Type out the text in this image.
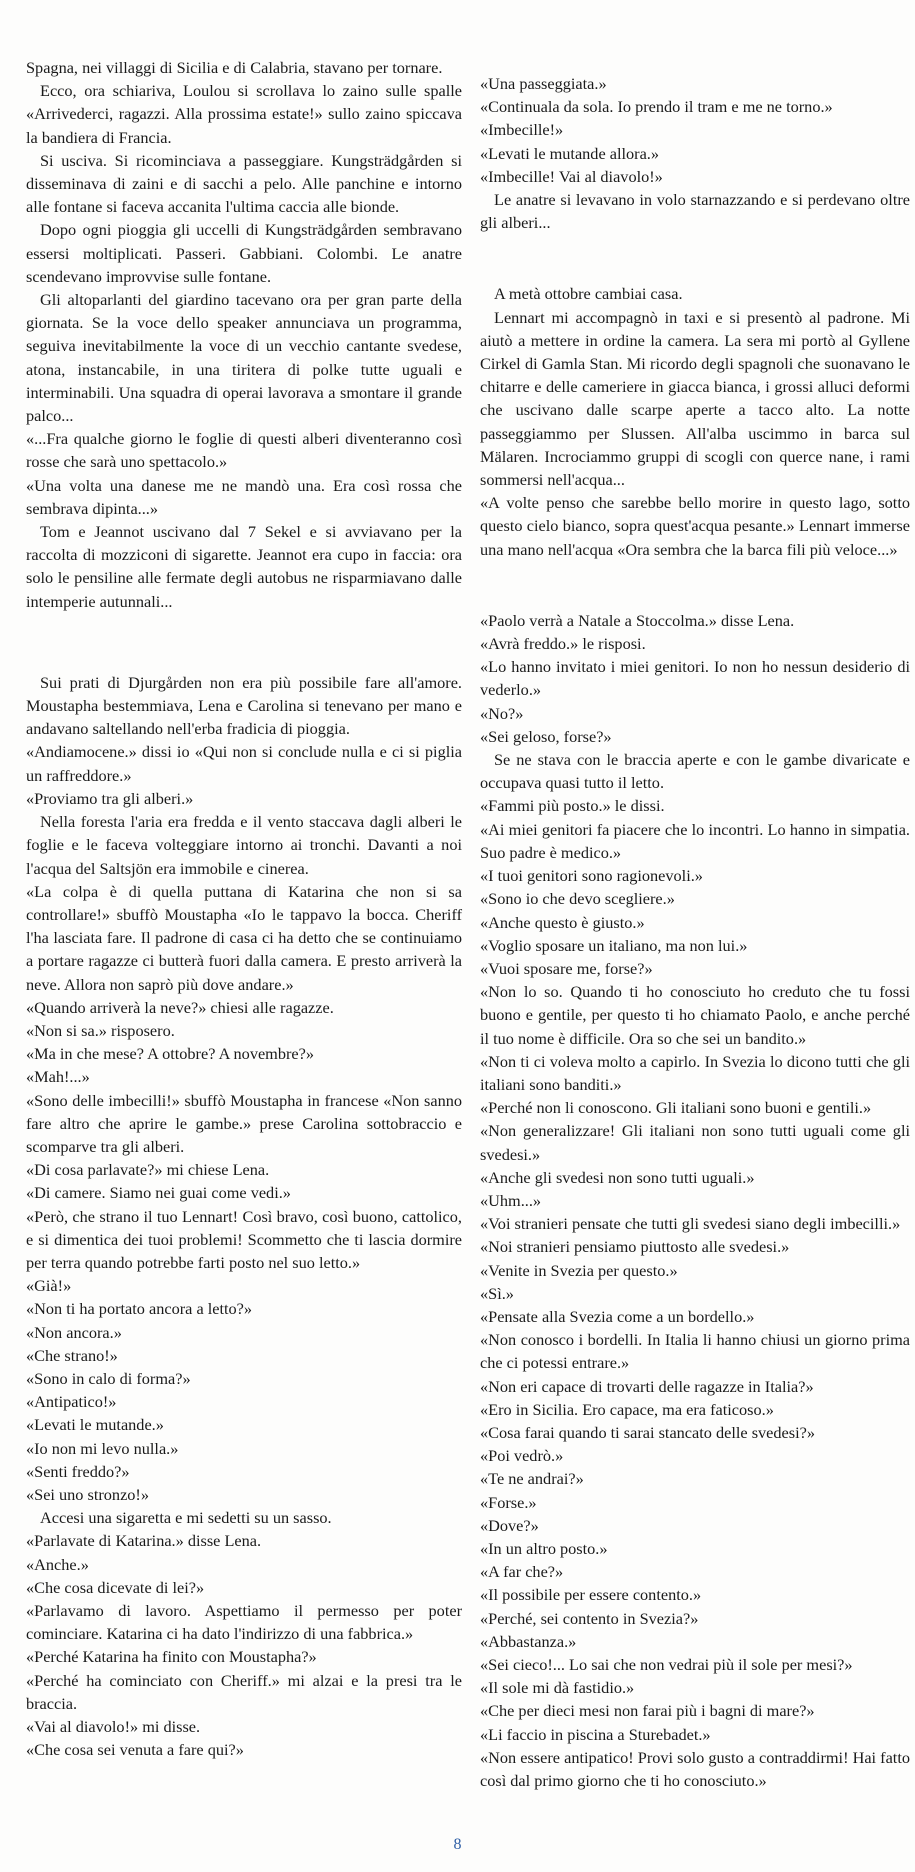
Spagna, nei villaggi di Sicilia e di Calabria, stavano per tornare.

Ecco, ora schiariva, Loulou si scrollava lo zaino sulle spalle «Arrivederci, ragazzi. Alla prossima estate!» sullo zaino spiccava la bandiera di Francia.

Si usciva. Si ricominciava a passeggiare. Kungsträdgården si disseminava di zaini e di sacchi a pelo. Alle panchine e intorno alle fontane si faceva accanita l'ultima caccia alle bionde.

Dopo ogni pioggia gli uccelli di Kungsträdgården sembravano essersi moltiplicati. Passeri. Gabbiani. Colombi. Le anatre scendevano improvvise sulle fontane.

Gli altoparlanti del giardino tacevano ora per gran parte della giornata. Se la voce dello speaker annunciava un programma, seguiva inevitabilmente la voce di un vecchio cantante svedese, atona, instancabile, in una tiritera di polke tutte uguali e interminabili. Una squadra di operai lavorava a smontare il grande palco...

«...Fra qualche giorno le foglie di questi alberi diventeranno così rosse che sarà uno spettacolo.»

«Una volta una danese me ne mandò una. Era così rossa che sembrava dipinta...»

Tom e Jeannot uscivano dal 7 Sekel e si avviavano per la raccolta di mozziconi di sigarette. Jeannot era cupo in faccia: ora solo le pensiline alle fermate degli autobus ne risparmiavano dalle intemperie autunnali...

Sui prati di Djurgården non era più possibile fare all'amore. Moustapha bestemmiava, Lena e Carolina si tenevano per mano e andavano saltellando nell'erba fradicia di pioggia.

«Andiamocene.» dissi io «Qui non si conclude nulla e ci si piglia un raffreddore.»

«Proviamo tra gli alberi.»

Nella foresta l'aria era fredda e il vento staccava dagli alberi le foglie e le faceva volteggiare intorno ai tronchi. Davanti a noi l'acqua del Saltsjön era immobile e cinerea.

«La colpa è di quella puttana di Katarina che non si sa controllare!» sbuffò Moustapha «Io le tappavo la bocca. Cheriff l'ha lasciata fare. Il padrone di casa ci ha detto che se continuiamo a portare ragazze ci butterà fuori dalla camera. E presto arriverà la neve. Allora non saprò più dove andare.»

«Quando arriverà la neve?» chiesi alle ragazze.

«Non si sa.» risposero.

«Ma in che mese? A ottobre? A novembre?»

«Mah!...»

«Sono delle imbecilli!» sbuffò Moustapha in francese «Non sanno fare altro che aprire le gambe.» prese Carolina sottobraccio e scomparve tra gli alberi.

«Di cosa parlavate?» mi chiese Lena.

«Di camere. Siamo nei guai come vedi.»

«Però, che strano il tuo Lennart! Così bravo, così buono, cattolico, e si dimentica dei tuoi problemi! Scommetto che ti lascia dormire per terra quando potrebbe farti posto nel suo letto.»

«Già!»

«Non ti ha portato ancora a letto?»

«Non ancora.»

«Che strano!»

«Sono in calo di forma?»

«Antipatico!»

«Levati le mutande.»

«Io non mi levo nulla.»

«Senti freddo?»

«Sei uno stronzo!»

Accesi una sigaretta e mi sedetti su un sasso.

«Parlavate di Katarina.» disse Lena.

«Anche.»

«Che cosa dicevate di lei?»

«Parlavamo di lavoro. Aspettiamo il permesso per poter cominciare. Katarina ci ha dato l'indirizzo di una fabbrica.»

«Perché Katarina ha finito con Moustapha?»

«Perché ha cominciato con Cheriff.» mi alzai e la presi tra le braccia.

«Vai al diavolo!» mi disse.

«Che cosa sei venuta a fare qui?»

«Una passeggiata.»

«Continuala da sola. Io prendo il tram e me ne torno.»

«Imbecille!»

«Levati le mutande allora.»

«Imbecille! Vai al diavolo!»

Le anatre si levavano in volo starnazzando e si perdevano oltre gli alberi...

A metà ottobre cambiai casa.

Lennart mi accompagnò in taxi e si presentò al padrone. Mi aiutò a mettere in ordine la camera. La sera mi portò al Gyllene Cirkel di Gamla Stan. Mi ricordo degli spagnoli che suonavano le chitarre e delle cameriere in giacca bianca, i grossi alluci deformi che uscivano dalle scarpe aperte a tacco alto. La notte passeggiammo per Slussen. All'alba uscimmo in barca sul Mälaren. Incrociammo gruppi di scogli con querce nane, i rami sommersi nell'acqua...

«A volte penso che sarebbe bello morire in questo lago, sotto questo cielo bianco, sopra quest'acqua pesante.» Lennart immerse una mano nell'acqua «Ora sembra che la barca fili più veloce...»

«Paolo verrà a Natale a Stoccolma.» disse Lena.

«Avrà freddo.» le risposi.

«Lo hanno invitato i miei genitori. Io non ho nessun desiderio di vederlo.»

«No?»

«Sei geloso, forse?»

Se ne stava con le braccia aperte e con le gambe divaricate e occupava quasi tutto il letto.

«Fammi più posto.» le dissi.

«Ai miei genitori fa piacere che lo incontri. Lo hanno in simpatia. Suo padre è medico.»

«I tuoi genitori sono ragionevoli.»

«Sono io che devo scegliere.»

«Anche questo è giusto.»

«Voglio sposare un italiano, ma non lui.»

«Vuoi sposare me, forse?»

«Non lo so. Quando ti ho conosciuto ho creduto che tu fossi buono e gentile, per questo ti ho chiamato Paolo, e anche perché il tuo nome è difficile. Ora so che sei un bandito.»

«Non ti ci voleva molto a capirlo. In Svezia lo dicono tutti che gli italiani sono banditi.»

«Perché non li conoscono. Gli italiani sono buoni e gentili.»

«Non generalizzare! Gli italiani non sono tutti uguali come gli svedesi.»

«Anche gli svedesi non sono tutti uguali.»

«Uhm...»

«Voi stranieri pensate che tutti gli svedesi siano degli imbecilli.»

«Noi stranieri pensiamo piuttosto alle svedesi.»

«Venite in Svezia per questo.»

«Sì.»

«Pensate alla Svezia come a un bordello.»

«Non conosco i bordelli. In Italia li hanno chiusi un giorno prima che ci potessi entrare.»

«Non eri capace di trovarti delle ragazze in Italia?»

«Ero in Sicilia. Ero capace, ma era faticoso.»

«Cosa farai quando ti sarai stancato delle svedesi?»

«Poi vedrò.»

«Te ne andrai?»

«Forse.»

«Dove?»

«In un altro posto.»

«A far che?»

«Il possibile per essere contento.»

«Perché, sei contento in Svezia?»

«Abbastanza.»

«Sei cieco!... Lo sai che non vedrai più il sole per mesi?»

«Il sole mi dà fastidio.»

«Che per dieci mesi non farai più i bagni di mare?»

«Li faccio in piscina a Sturebadet.»

«Non essere antipatico! Provi solo gusto a contraddirmi! Hai fatto così dal primo giorno che ti ho conosciuto.»

8
